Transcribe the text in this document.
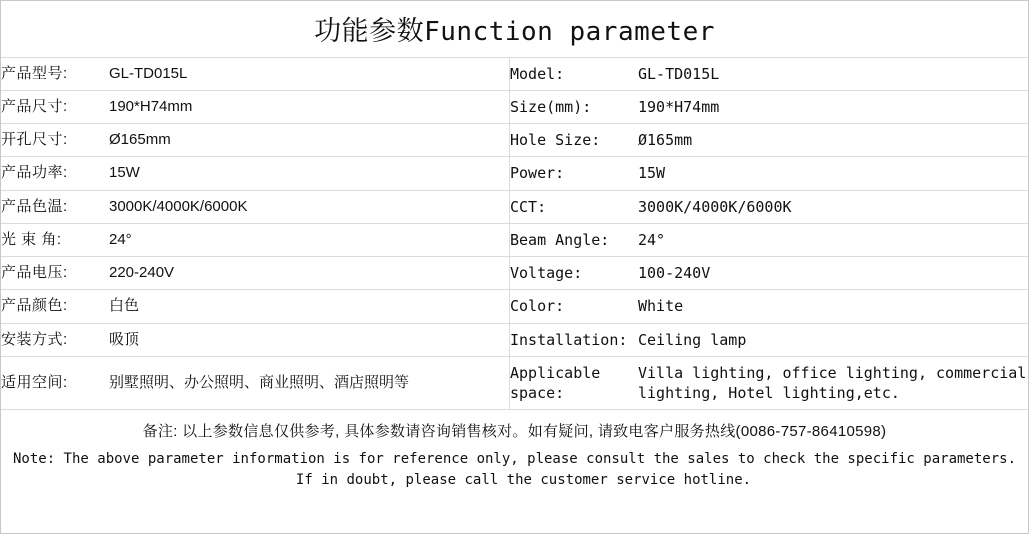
功能参数Function parameter
产品型号:	GL-TD015L	Model:	GL-TD015L
产品尺寸:	190*H74mm	Size(mm):	190*H74mm
开孔尺寸:	Ø165mm	Hole Size:	Ø165mm
产品功率:	15W	Power:	15W
产品色温:	3000K/4000K/6000K	CCT:	3000K/4000K/6000K
光 束 角:	24°	Beam Angle:	24°
产品电压:	220-240V	Voltage:	100-240V
产品颜色:	白色	Color:	White
安装方式:	吸顶	Installation:	Ceiling lamp
适用空间:	别墅照明、办公照明、商业照明、酒店照明等	Applicable space:	Villa lighting, office lighting, commercial lighting, Hotel lighting,etc.
备注: 以上参数信息仅供参考, 具体参数请咨询销售核对。如有疑问, 请致电客户服务热线(0086-757-86410598)
Note: The above parameter information is for reference only, please consult the sales to check the specific parameters.
If in doubt, please call the customer service hotline.
